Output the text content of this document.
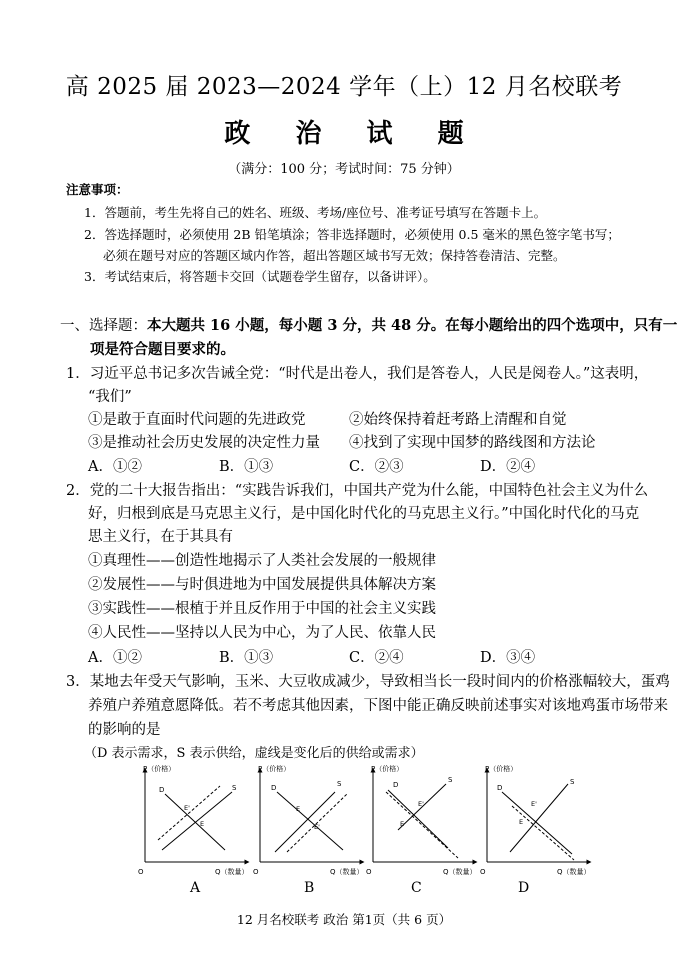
高 2025 届 2023—2024 学年（上）12 月名校联考
政 治 试 题
（满分：100 分；考试时间：75 分钟）
注意事项：
1．答题前，考生先将自己的姓名、班级、考场/座位号、准考证号填写在答题卡上。
2．答选择题时，必须使用 2B 铅笔填涂；答非选择题时，必须使用 0.5 毫米的黑色签字笔书写；
必须在题号对应的答题区域内作答，超出答题区域书写无效；保持答卷清洁、完整。
3．考试结束后，将答题卡交回（试题卷学生留存，以备讲评）。
一、选择题：本大题共 16 小题，每小题 3 分，共 48 分。在每小题给出的四个选项中，只有一
项是符合题目要求的。
1．习近平总书记多次告诫全党：“时代是出卷人，我们是答卷人，人民是阅卷人。”这表明，
“我们”
①是敢于直面时代问题的先进政党	②始终保持着赶考路上清醒和自觉
③是推动社会历史发展的决定性力量 ④找到了实现中国梦的路线图和方法论
A．①②	B．①③	C．②③	D．②④
2．党的二十大报告指出：“实践告诉我们，中国共产党为什么能，中国特色社会主义为什么
好，归根到底是马克思主义行，是中国化时代化的马克思主义行。”中国化时代化的马克
思主义行，在于其具有
①真理性——创造性地揭示了人类社会发展的一般规律
②发展性——与时俱进地为中国发展提供具体解决方案
③实践性——根植于并且反作用于中国的社会主义实践
④人民性——坚持以人民为中心，为了人民、依靠人民
A．①②	B．①③	C．②④	D．③④
3．某地去年受天气影响，玉米、大豆收成减少，导致相当长一段时间内的价格涨幅较大，蛋鸡
养殖户养殖意愿降低。若不考虑其他因素，下图中能正确反映前述事实对该地鸡蛋市场带来
的影响的是
（D 表示需求，S 表示供给，虚线是变化后的供给或需求）
P（价格）
Q（数量）
O
D	S
E'
E
P（价格）
Q（数量）
O
D	S
E
E'
P（价格）
Q（数量）
O
D
S
E'
E
P（价格）
Q（数量）
O
D
S
E'
E
A	B	C	D
12 月名校联考 政治 第1页（共 6 页）
